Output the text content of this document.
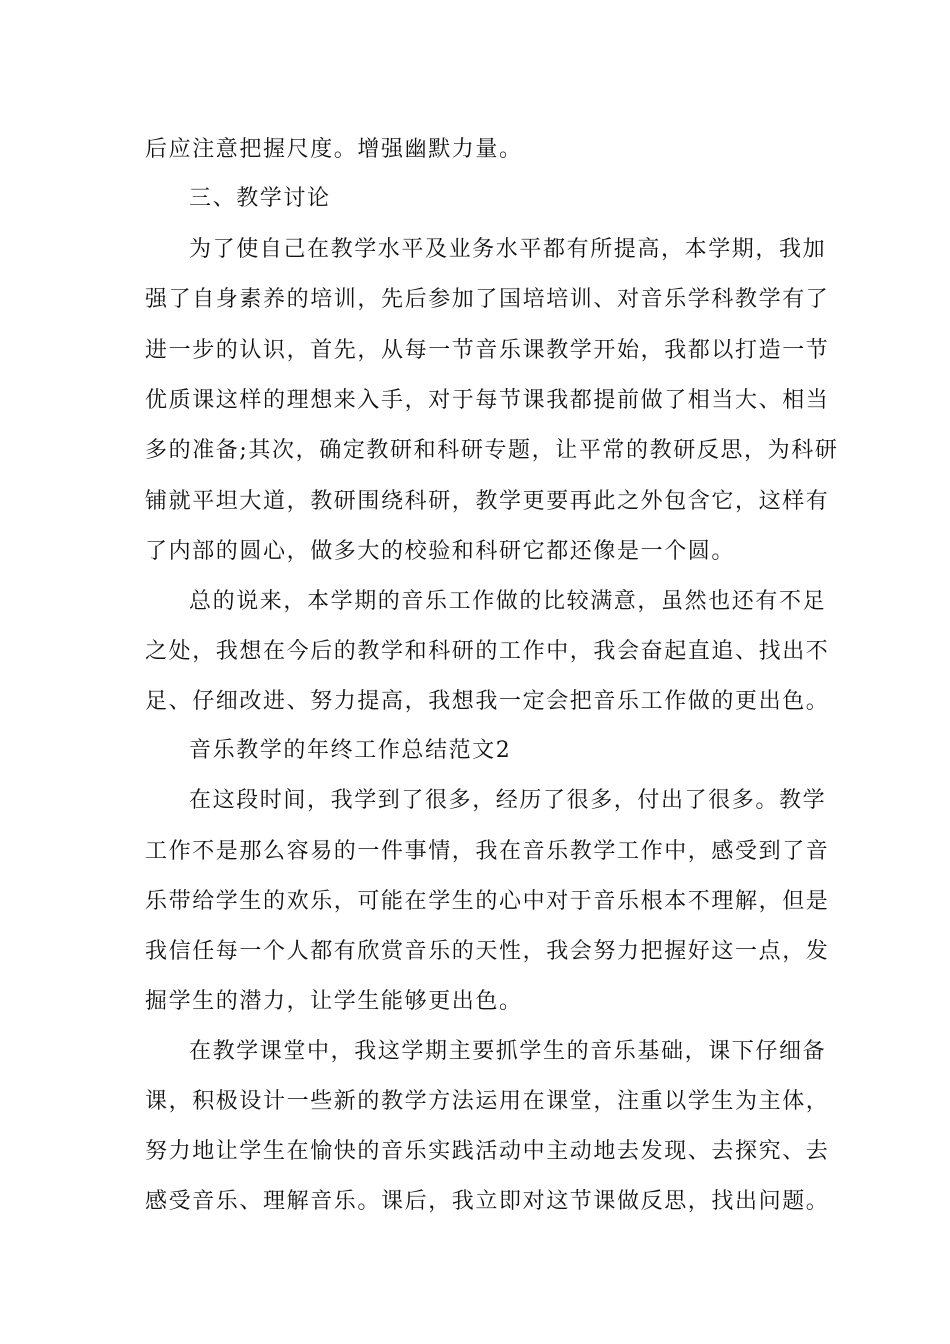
后应注意把握尺度。增强幽默力量。
三、教学讨论
为了使自己在教学水平及业务水平都有所提高，本学期，我加
强了自身素养的培训，先后参加了国培培训、对音乐学科教学有了
进一步的认识，首先，从每一节音乐课教学开始，我都以打造一节
优质课这样的理想来入手，对于每节课我都提前做了相当大、相当
多的准备;其次，确定教研和科研专题，让平常的教研反思，为科研
铺就平坦大道，教研围绕科研，教学更要再此之外包含它，这样有
了内部的圆心，做多大的校验和科研它都还像是一个圆。
总的说来，本学期的音乐工作做的比较满意，虽然也还有不足
之处，我想在今后的教学和科研的工作中，我会奋起直追、找出不
足、仔细改进、努力提高，我想我一定会把音乐工作做的更出色。
音乐教学的年终工作总结范文2
在这段时间，我学到了很多，经历了很多，付出了很多。教学
工作不是那么容易的一件事情，我在音乐教学工作中，感受到了音
乐带给学生的欢乐，可能在学生的心中对于音乐根本不理解，但是
我信任每一个人都有欣赏音乐的天性，我会努力把握好这一点，发
掘学生的潜力，让学生能够更出色。
在教学课堂中，我这学期主要抓学生的音乐基础，课下仔细备
课，积极设计一些新的教学方法运用在课堂，注重以学生为主体，
努力地让学生在愉快的音乐实践活动中主动地去发现、去探究、去
感受音乐、理解音乐。课后，我立即对这节课做反思，找出问题。
